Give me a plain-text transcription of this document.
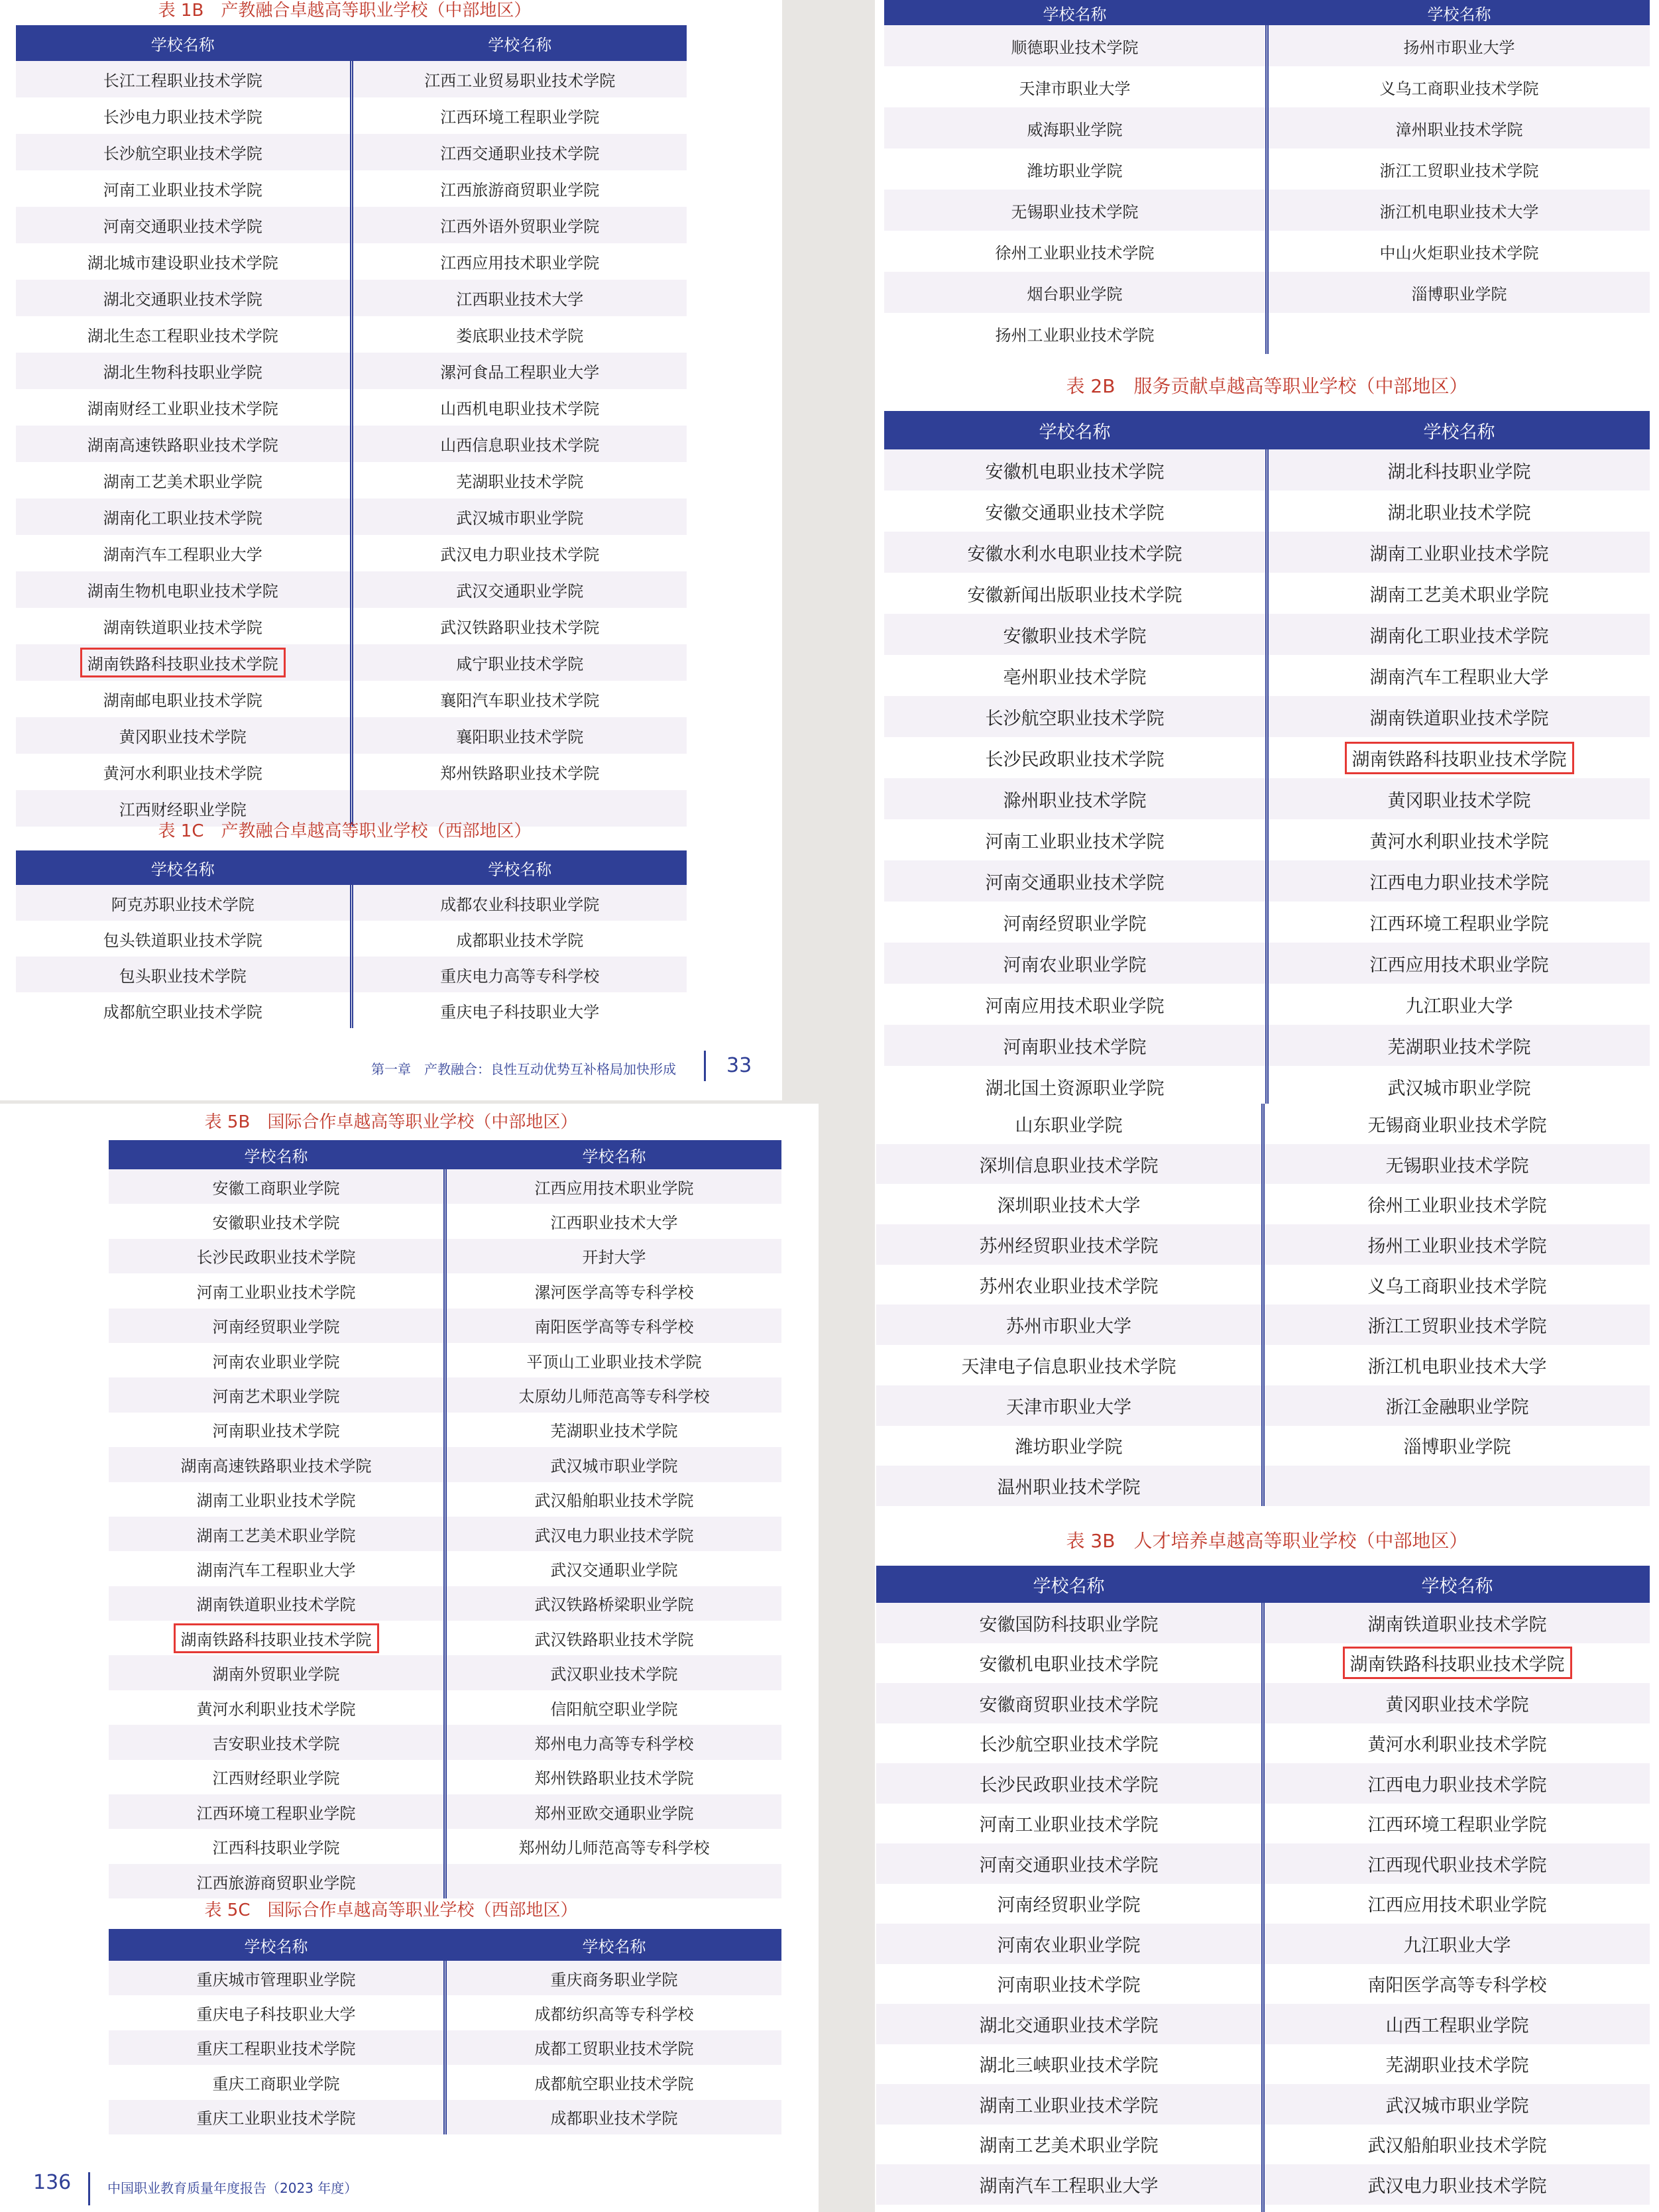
表 1B　产教融合卓越高等职业学校（中部地区）
学校名称	学校名称
长江工程职业技术学院	江西工业贸易职业技术学院
长沙电力职业技术学院	江西环境工程职业学院
长沙航空职业技术学院	江西交通职业技术学院
河南工业职业技术学院	江西旅游商贸职业学院
河南交通职业技术学院	江西外语外贸职业学院
湖北城市建设职业技术学院	江西应用技术职业学院
湖北交通职业技术学院	江西职业技术大学
湖北生态工程职业技术学院	娄底职业技术学院
湖北生物科技职业学院	漯河食品工程职业大学
湖南财经工业职业技术学院	山西机电职业技术学院
湖南高速铁路职业技术学院	山西信息职业技术学院
湖南工艺美术职业学院	芜湖职业技术学院
湖南化工职业技术学院	武汉城市职业学院
湖南汽车工程职业大学	武汉电力职业技术学院
湖南生物机电职业技术学院	武汉交通职业学院
湖南铁道职业技术学院	武汉铁路职业技术学院
湖南铁路科技职业技术学院	咸宁职业技术学院
湖南邮电职业技术学院	襄阳汽车职业技术学院
黄冈职业技术学院	襄阳职业技术学院
黄河水利职业技术学院	郑州铁路职业技术学院
江西财经职业学院	
表 1C　产教融合卓越高等职业学校（西部地区）
学校名称	学校名称
阿克苏职业技术学院	成都农业科技职业学院
包头铁道职业技术学院	成都职业技术学院
包头职业技术学院	重庆电力高等专科学校
成都航空职业技术学院	重庆电子科技职业大学
第一章　产教融合：良性互动优势互补格局加快形成	33
学校名称	学校名称
顺德职业技术学院	扬州市职业大学
天津市职业大学	义乌工商职业技术学院
威海职业学院	漳州职业技术学院
潍坊职业学院	浙江工贸职业技术学院
无锡职业技术学院	浙江机电职业技术大学
徐州工业职业技术学院	中山火炬职业技术学院
烟台职业学院	淄博职业学院
扬州工业职业技术学院	
表 2B　服务贡献卓越高等职业学校（中部地区）
学校名称	学校名称
安徽机电职业技术学院	湖北科技职业学院
安徽交通职业技术学院	湖北职业技术学院
安徽水利水电职业技术学院	湖南工业职业技术学院
安徽新闻出版职业技术学院	湖南工艺美术职业学院
安徽职业技术学院	湖南化工职业技术学院
亳州职业技术学院	湖南汽车工程职业大学
长沙航空职业技术学院	湖南铁道职业技术学院
长沙民政职业技术学院	湖南铁路科技职业技术学院
滁州职业技术学院	黄冈职业技术学院
河南工业职业技术学院	黄河水利职业技术学院
河南交通职业技术学院	江西电力职业技术学院
河南经贸职业学院	江西环境工程职业学院
河南农业职业学院	江西应用技术职业学院
河南应用技术职业学院	九江职业大学
河南职业技术学院	芜湖职业技术学院
湖北国土资源职业学院	武汉城市职业学院

表 5B　国际合作卓越高等职业学校（中部地区）
学校名称	学校名称
安徽工商职业学院	江西应用技术职业学院
安徽职业技术学院	江西职业技术大学
长沙民政职业技术学院	开封大学
河南工业职业技术学院	漯河医学高等专科学校
河南经贸职业学院	南阳医学高等专科学校
河南农业职业学院	平顶山工业职业技术学院
河南艺术职业学院	太原幼儿师范高等专科学校
河南职业技术学院	芜湖职业技术学院
湖南高速铁路职业技术学院	武汉城市职业学院
湖南工业职业技术学院	武汉船舶职业技术学院
湖南工艺美术职业学院	武汉电力职业技术学院
湖南汽车工程职业大学	武汉交通职业学院
湖南铁道职业技术学院	武汉铁路桥梁职业学院
湖南铁路科技职业技术学院	武汉铁路职业技术学院
湖南外贸职业学院	武汉职业技术学院
黄河水利职业技术学院	信阳航空职业学院
吉安职业技术学院	郑州电力高等专科学校
江西财经职业学院	郑州铁路职业技术学院
江西环境工程职业学院	郑州亚欧交通职业学院
江西科技职业学院	郑州幼儿师范高等专科学校
江西旅游商贸职业学院	
表 5C　国际合作卓越高等职业学校（西部地区）
学校名称	学校名称
重庆城市管理职业学院	重庆商务职业学院
重庆电子科技职业大学	成都纺织高等专科学校
重庆工程职业技术学院	成都工贸职业技术学院
重庆工商职业学院	成都航空职业技术学院
重庆工业职业技术学院	成都职业技术学院
136	中国职业教育质量年度报告（2023 年度）
山东职业学院	无锡商业职业技术学院
深圳信息职业技术学院	无锡职业技术学院
深圳职业技术大学	徐州工业职业技术学院
苏州经贸职业技术学院	扬州工业职业技术学院
苏州农业职业技术学院	义乌工商职业技术学院
苏州市职业大学	浙江工贸职业技术学院
天津电子信息职业技术学院	浙江机电职业技术大学
天津市职业大学	浙江金融职业学院
潍坊职业学院	淄博职业学院
温州职业技术学院	
表 3B　人才培养卓越高等职业学校（中部地区）
学校名称	学校名称
安徽国防科技职业学院	湖南铁道职业技术学院
安徽机电职业技术学院	湖南铁路科技职业技术学院
安徽商贸职业技术学院	黄冈职业技术学院
长沙航空职业技术学院	黄河水利职业技术学院
长沙民政职业技术学院	江西电力职业技术学院
河南工业职业技术学院	江西环境工程职业学院
河南交通职业技术学院	江西现代职业技术学院
河南经贸职业学院	江西应用技术职业学院
河南农业职业学院	九江职业大学
河南职业技术学院	南阳医学高等专科学校
湖北交通职业技术学院	山西工程职业学院
湖北三峡职业技术学院	芜湖职业技术学院
湖南工业职业技术学院	武汉城市职业学院
湖南工艺美术职业学院	武汉船舶职业技术学院
湖南汽车工程职业大学	武汉电力职业技术学院
